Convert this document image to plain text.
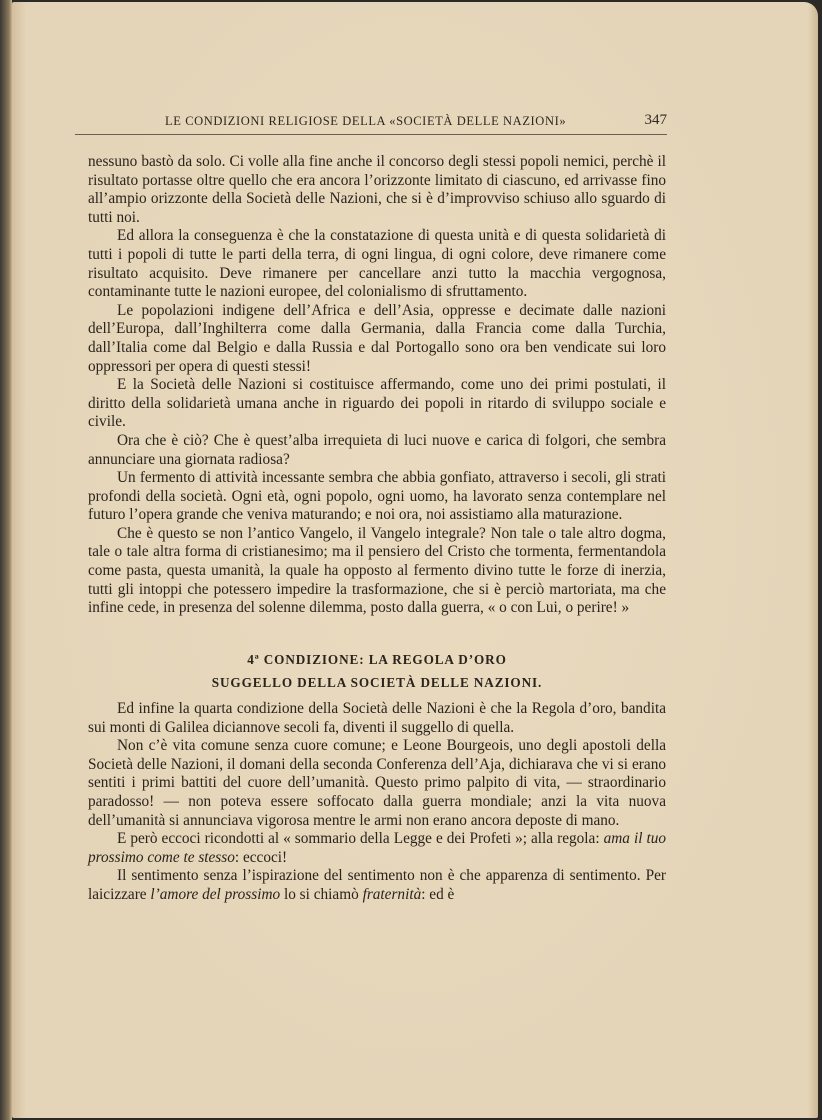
LE CONDIZIONI RELIGIOSE DELLA «SOCIETÀ DELLE NAZIONI»	347

nessuno bastò da solo. Ci volle alla fine anche il concorso degli stessi popoli nemici, perchè il risultato portasse oltre quello che era ancora l’orizzonte limitato di ciascuno, ed arrivasse fino all’ampio orizzonte della Società delle Nazioni, che si è d’improvviso schiuso allo sguardo di tutti noi.

Ed allora la conseguenza è che la constatazione di questa unità e di questa solidarietà di tutti i popoli di tutte le parti della terra, di ogni lingua, di ogni colore, deve rimanere come risultato acquisito. Deve rimanere per cancellare anzi tutto la macchia vergognosa, contaminante tutte le nazioni europee, del colonialismo di sfruttamento.

Le popolazioni indigene dell’Africa e dell’Asia, oppresse e decimate dalle nazioni dell’Europa, dall’Inghilterra come dalla Germania, dalla Francia come dalla Turchia, dall’Italia come dal Belgio e dalla Russia e dal Portogallo sono ora ben vendicate sui loro oppressori per opera di questi stessi!

E la Società delle Nazioni si costituisce affermando, come uno dei primi postulati, il diritto della solidarietà umana anche in riguardo dei popoli in ritardo di sviluppo sociale e civile.

Ora che è ciò? Che è quest’alba irrequieta di luci nuove e carica di folgori, che sembra annunciare una giornata radiosa?

Un fermento di attività incessante sembra che abbia gonfiato, attraverso i secoli, gli strati profondi della società. Ogni età, ogni popolo, ogni uomo, ha lavorato senza contemplare nel futuro l’opera grande che veniva maturando; e noi ora, noi assistiamo alla maturazione.

Che è questo se non l’antico Vangelo, il Vangelo integrale? Non tale o tale altro dogma, tale o tale altra forma di cristianesimo; ma il pensiero del Cristo che tormenta, fermentandola come pasta, questa umanità, la quale ha opposto al fermento divino tutte le forze di inerzia, tutti gli intoppi che potessero impedire la trasformazione, che si è perciò martoriata, ma che infine cede, in presenza del solenne dilemma, posto dalla guerra, « o con Lui, o perire! »

4ª CONDIZIONE: LA REGOLA D’ORO
SUGGELLO DELLA SOCIETÀ DELLE NAZIONI.

Ed infine la quarta condizione della Società delle Nazioni è che la Regola d’oro, bandita sui monti di Galilea diciannove secoli fa, diventi il suggello di quella.

Non c’è vita comune senza cuore comune; e Leone Bourgeois, uno degli apostoli della Società delle Nazioni, il domani della seconda Conferenza dell’Aja, dichiarava che vi si erano sentiti i primi battiti del cuore dell’umanità. Questo primo palpito di vita, — straordinario paradosso! — non poteva essere soffocato dalla guerra mondiale; anzi la vita nuova dell’umanità si annunciava vigorosa mentre le armi non erano ancora deposte di mano.

E però eccoci ricondotti al « sommario della Legge e dei Profeti »; alla regola: ama il tuo prossimo come te stesso: eccoci!

Il sentimento senza l’ispirazione del sentimento non è che apparenza di sentimento. Per laicizzare l’amore del prossimo lo si chiamò fraternità: ed è
